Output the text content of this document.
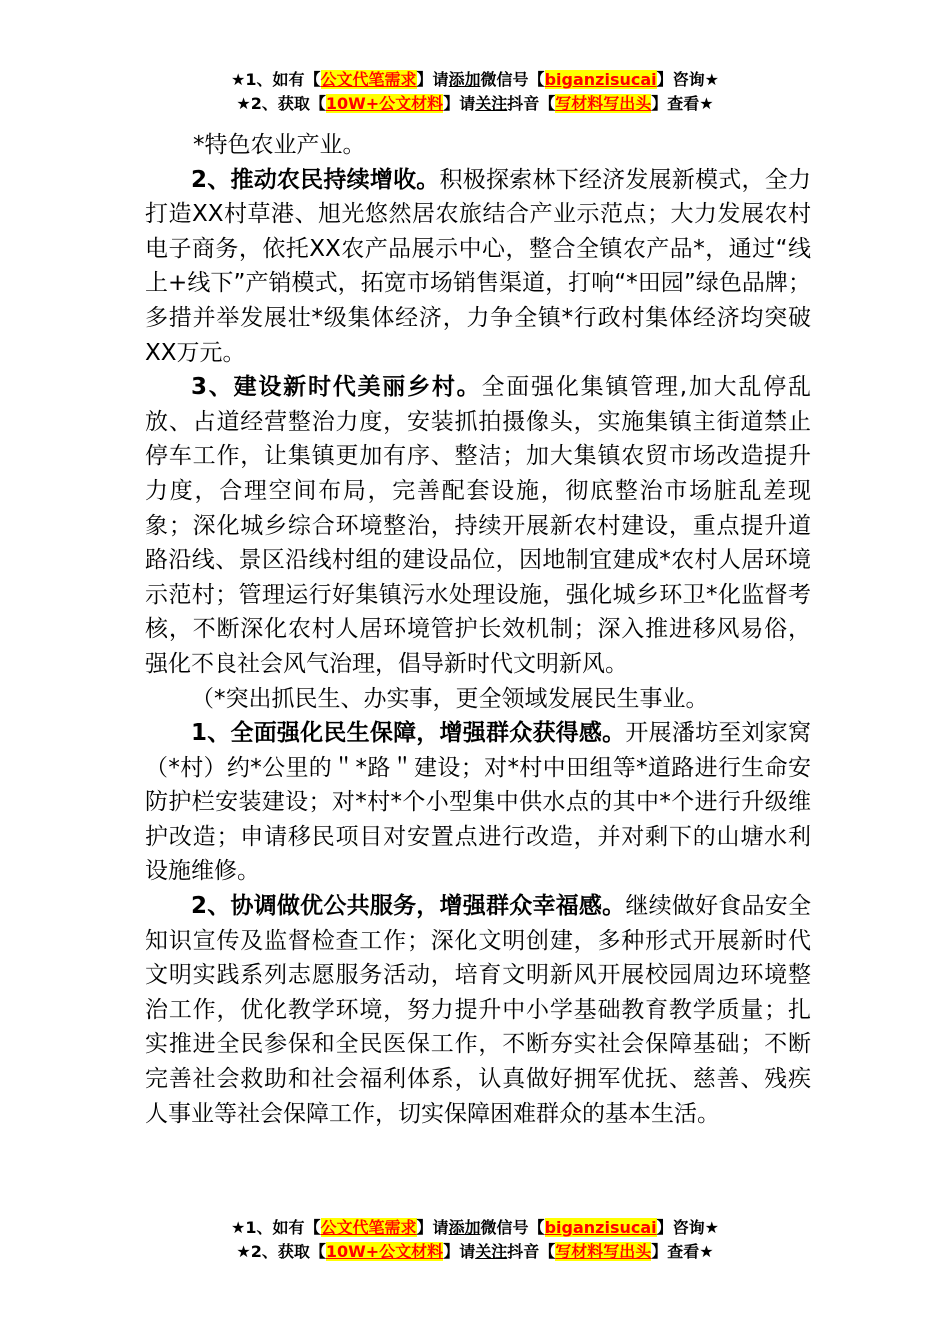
★1、如有【公文代笔需求】请添加微信号【biganzisucai】咨询★
★2、获取【10W+公文材料】请关注抖音【写材料写出头】查看★

*特色农业产业。

2、推动农民持续增收。积极探索林下经济发展新模式，全力打造XX村草港、旭光悠然居农旅结合产业示范点；大力发展农村电子商务，依托XX农产品展示中心，整合全镇农产品*，通过“线上+线下”产销模式，拓宽市场销售渠道，打响“*田园”绿色品牌；多措并举发展壮*级集体经济，力争全镇*行政村集体经济均突破XX万元。

3、建设新时代美丽乡村。全面强化集镇管理,加大乱停乱放、占道经营整治力度，安装抓拍摄像头，实施集镇主街道禁止停车工作，让集镇更加有序、整洁；加大集镇农贸市场改造提升力度，合理空间布局，完善配套设施，彻底整治市场脏乱差现象；深化城乡综合环境整治，持续开展新农村建设，重点提升道路沿线、景区沿线村组的建设品位，因地制宜建成*农村人居环境示范村；管理运行好集镇污水处理设施，强化城乡环卫*化监督考核，不断深化农村人居环境管护长效机制；深入推进移风易俗，强化不良社会风气治理，倡导新时代文明新风。

（*突出抓民生、办实事，更全领域发展民生事业。

1、全面强化民生保障，增强群众获得感。开展潘坊至刘家窝（*村）约*公里的＂*路＂建设；对*村中田组等*道路进行生命安防护栏安装建设；对*村*个小型集中供水点的其中*个进行升级维护改造；申请移民项目对安置点进行改造，并对剩下的山塘水利设施维修。

2、协调做优公共服务，增强群众幸福感。继续做好食品安全知识宣传及监督检查工作；深化文明创建，多种形式开展新时代文明实践系列志愿服务活动，培育文明新风开展校园周边环境整治工作，优化教学环境，努力提升中小学基础教育教学质量；扎实推进全民参保和全民医保工作，不断夯实社会保障基础；不断完善社会救助和社会福利体系，认真做好拥军优抚、慈善、残疾人事业等社会保障工作，切实保障困难群众的基本生活。

★1、如有【公文代笔需求】请添加微信号【biganzisucai】咨询★
★2、获取【10W+公文材料】请关注抖音【写材料写出头】查看★
